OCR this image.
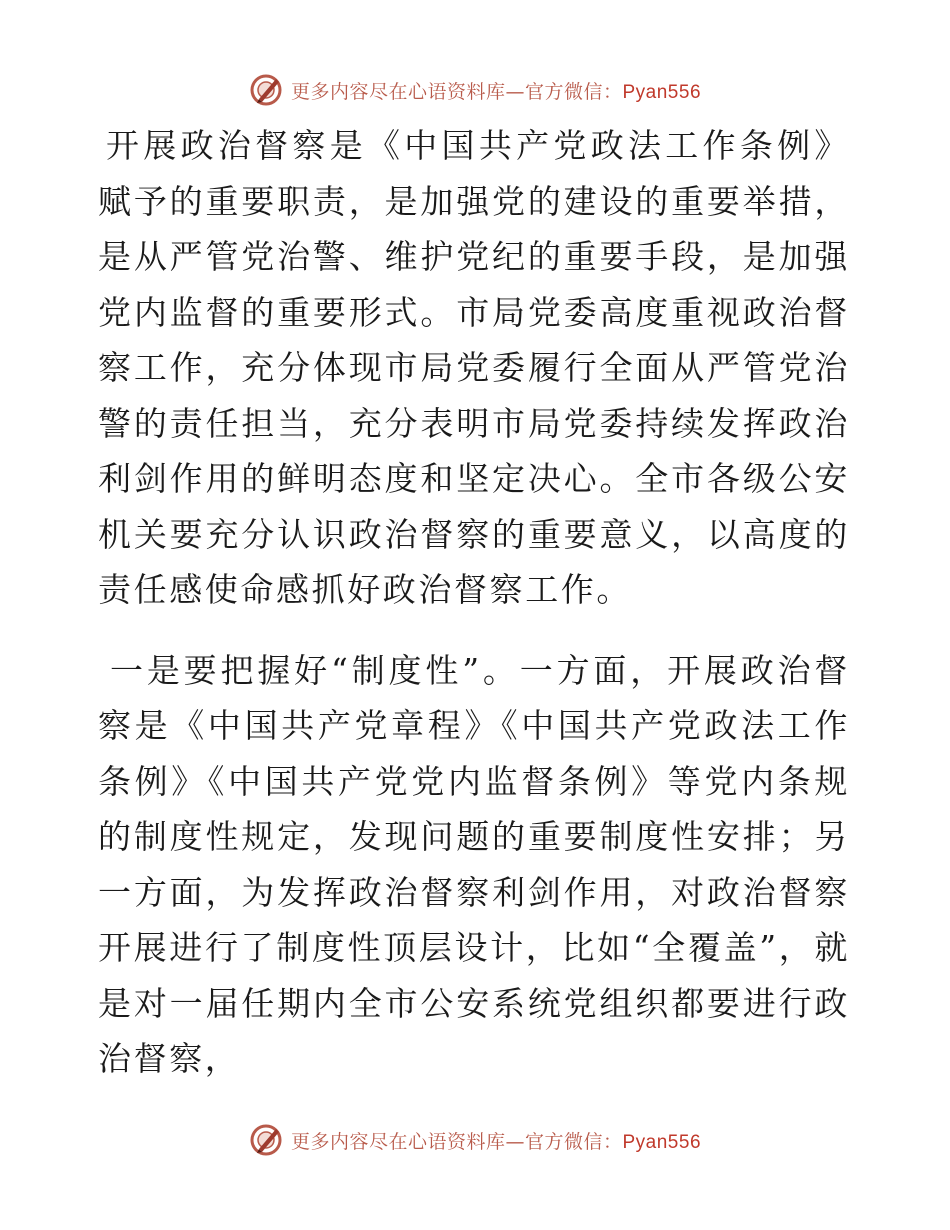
更多内容尽在心语资料库—官方微信：Pyan556

开展政治督察是《中国共产党政法工作条例》赋予的重要职责，是加强党的建设的重要举措，是从严管党治警、维护党纪的重要手段，是加强党内监督的重要形式。市局党委高度重视政治督察工作，充分体现市局党委履行全面从严管党治警的责任担当，充分表明市局党委持续发挥政治利剑作用的鲜明态度和坚定决心。全市各级公安机关要充分认识政治督察的重要意义，以高度的责任感使命感抓好政治督察工作。

一是要把握好“制度性”。一方面，开展政治督察是《中国共产党章程》《中国共产党政法工作条例》《中国共产党党内监督条例》等党内条规的制度性规定，发现问题的重要制度性安排；另一方面，为发挥政治督察利剑作用，对政治督察开展进行了制度性顶层设计，比如“全覆盖”，就是对一届任期内全市公安系统党组织都要进行政治督察，

更多内容尽在心语资料库—官方微信：Pyan556
